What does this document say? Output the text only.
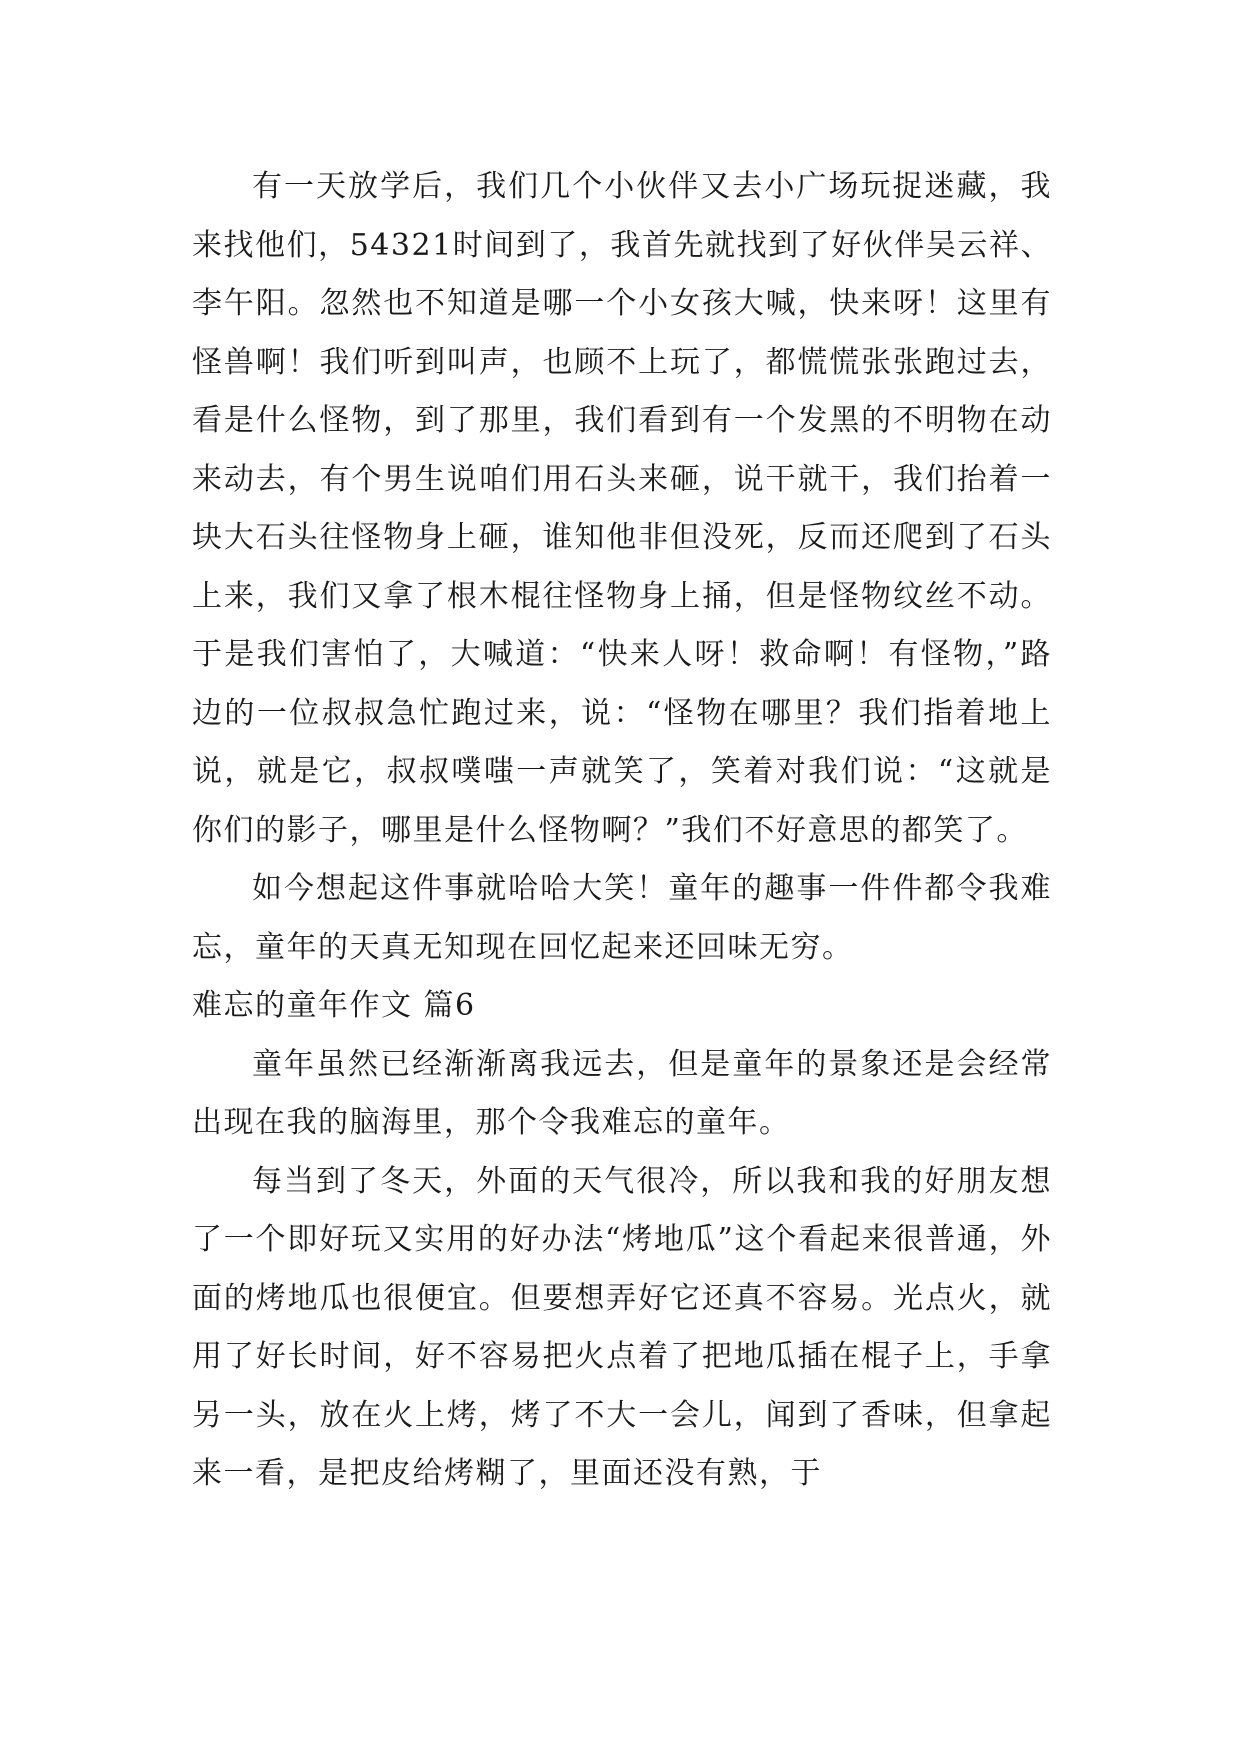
有一天放学后，我们几个小伙伴又去小广场玩捉迷藏，我来找他们，54321时间到了，我首先就找到了好伙伴吴云祥、李午阳。忽然也不知道是哪一个小女孩大喊，快来呀！这里有怪兽啊！我们听到叫声，也顾不上玩了，都慌慌张张跑过去，看是什么怪物，到了那里，我们看到有一个发黑的不明物在动来动去，有个男生说咱们用石头来砸，说干就干，我们抬着一块大石头往怪物身上砸，谁知他非但没死，反而还爬到了石头上来，我们又拿了根木棍往怪物身上捅，但是怪物纹丝不动。于是我们害怕了，大喊道：“快来人呀！救命啊！有怪物，”路边的一位叔叔急忙跑过来，说：“怪物在哪里？我们指着地上说，就是它，叔叔噗嗤一声就笑了，笑着对我们说：“这就是你们的影子，哪里是什么怪物啊？”我们不好意思的都笑了。

如今想起这件事就哈哈大笑！童年的趣事一件件都令我难忘，童年的天真无知现在回忆起来还回味无穷。

难忘的童年作文 篇6

童年虽然已经渐渐离我远去，但是童年的景象还是会经常出现在我的脑海里，那个令我难忘的童年。

每当到了冬天，外面的天气很冷，所以我和我的好朋友想了一个即好玩又实用的好办法“烤地瓜”这个看起来很普通，外面的烤地瓜也很便宜。但要想弄好它还真不容易。光点火，就用了好长时间，好不容易把火点着了把地瓜插在棍子上，手拿另一头，放在火上烤，烤了不大一会儿，闻到了香味，但拿起来一看，是把皮给烤糊了，里面还没有熟，于
